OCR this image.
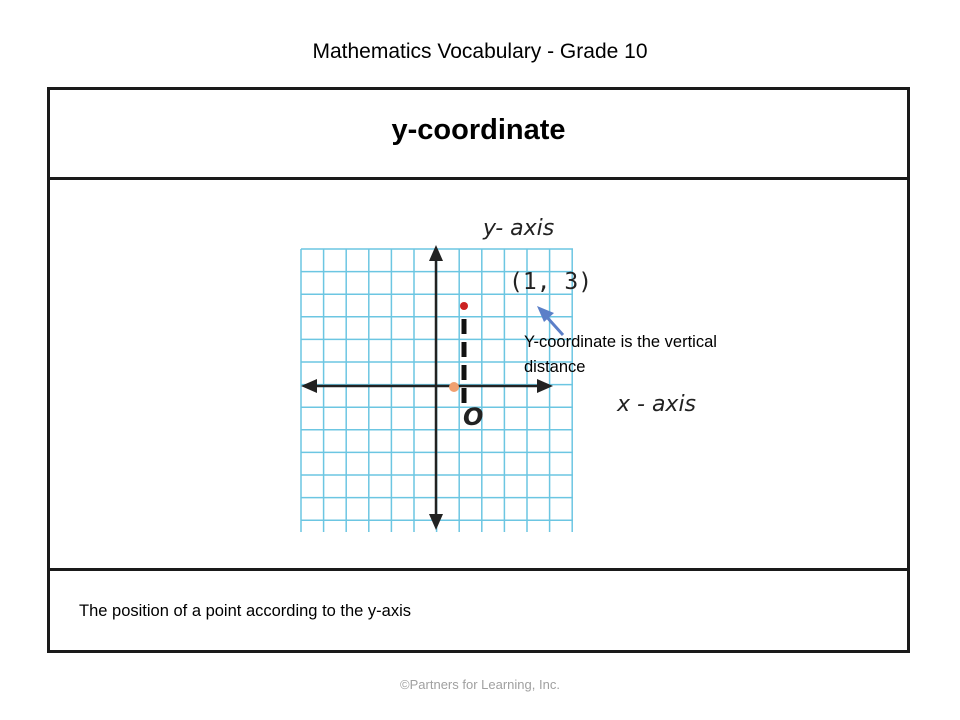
Mathematics Vocabulary - Grade 10
y-coordinate
y- axis
x - axis
O
(1, 3)
Y-coordinate is the vertical distance
The position of a point according to the y-axis
©Partners for Learning, Inc.
